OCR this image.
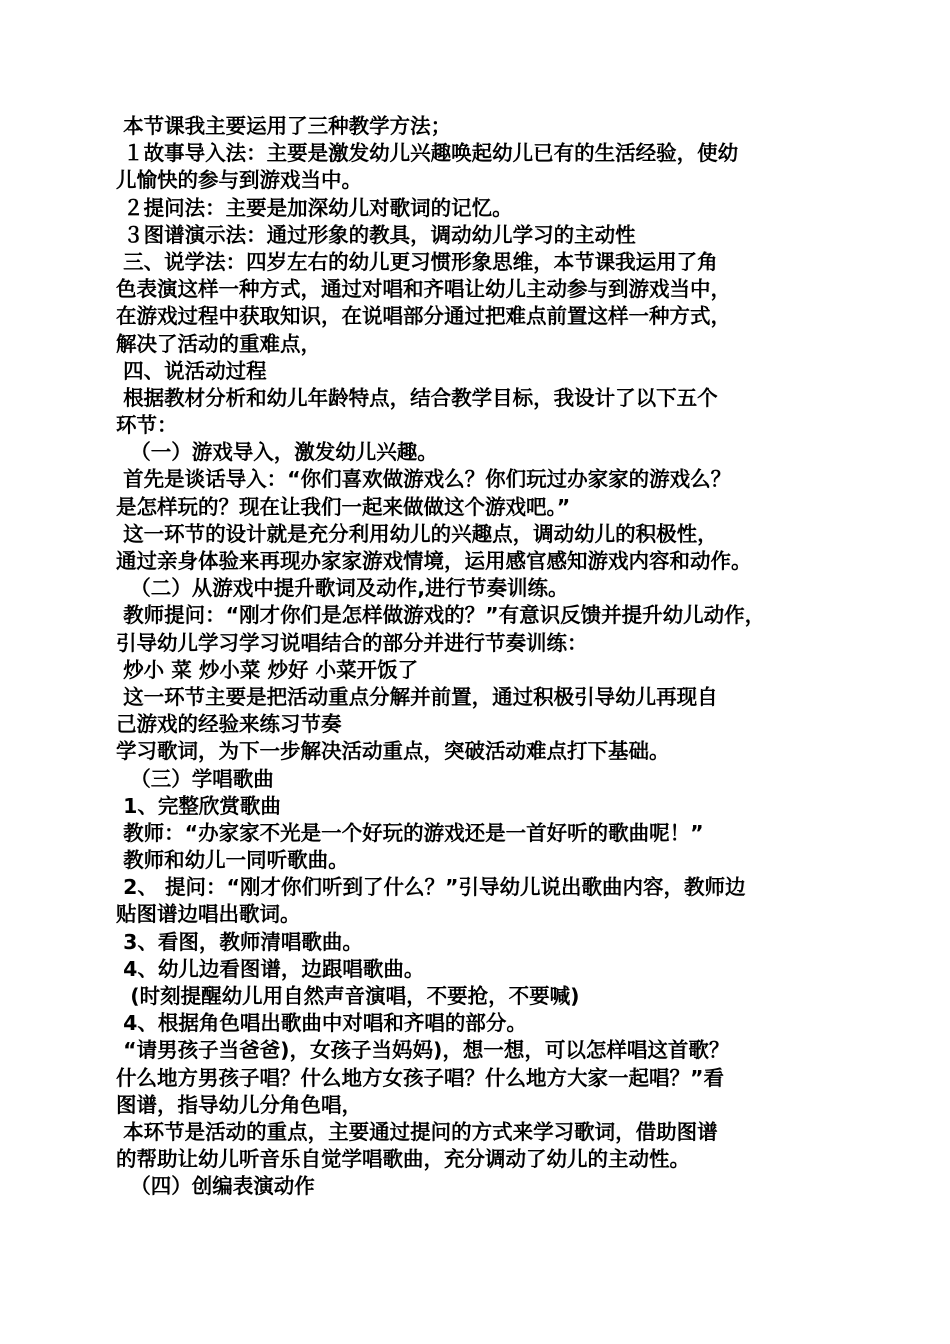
本节课我主要运用了三种教学方法；
１故事导入法：主要是激发幼儿兴趣唤起幼儿已有的生活经验，使幼
儿愉快的参与到游戏当中。
２提问法：主要是加深幼儿对歌词的记忆。
３图谱演示法：通过形象的教具，调动幼儿学习的主动性
三、说学法：四岁左右的幼儿更习惯形象思维，本节课我运用了角
色表演这样一种方式，通过对唱和齐唱让幼儿主动参与到游戏当中，
在游戏过程中获取知识，在说唱部分通过把难点前置这样一种方式，
解决了活动的重难点，
四、说活动过程
根据教材分析和幼儿年龄特点，结合教学目标，我设计了以下五个
环节：
（一）游戏导入，激发幼儿兴趣。
首先是谈话导入：“你们喜欢做游戏么？你们玩过办家家的游戏么？
是怎样玩的？现在让我们一起来做做这个游戏吧。”
这一环节的设计就是充分利用幼儿的兴趣点，调动幼儿的积极性，
通过亲身体验来再现办家家游戏情境，运用感官感知游戏内容和动作。
（二）从游戏中提升歌词及动作,进行节奏训练。
教师提问：“刚才你们是怎样做游戏的？”有意识反馈并提升幼儿动作，
引导幼儿学习学习说唱结合的部分并进行节奏训练：
炒小 菜 炒小菜 炒好 小菜开饭了
这一环节主要是把活动重点分解并前置，通过积极引导幼儿再现自
己游戏的经验来练习节奏
学习歌词，为下一步解决活动重点，突破活动难点打下基础。
（三）学唱歌曲
1、完整欣赏歌曲
教师：“办家家不光是一个好玩的游戏还是一首好听的歌曲呢！”
教师和幼儿一同听歌曲。
2、 提问：“刚才你们听到了什么？”引导幼儿说出歌曲内容，教师边
贴图谱边唱出歌词。
3、看图，教师清唱歌曲。
4、幼儿边看图谱，边跟唱歌曲。
(时刻提醒幼儿用自然声音演唱，不要抢，不要喊)
4、根据角色唱出歌曲中对唱和齐唱的部分。
“请男孩子当爸爸)，女孩子当妈妈)，想一想，可以怎样唱这首歌？
什么地方男孩子唱？什么地方女孩子唱？什么地方大家一起唱？”看
图谱，指导幼儿分角色唱，
本环节是活动的重点，主要通过提问的方式来学习歌词，借助图谱
的帮助让幼儿听音乐自觉学唱歌曲，充分调动了幼儿的主动性。
（四）创编表演动作
